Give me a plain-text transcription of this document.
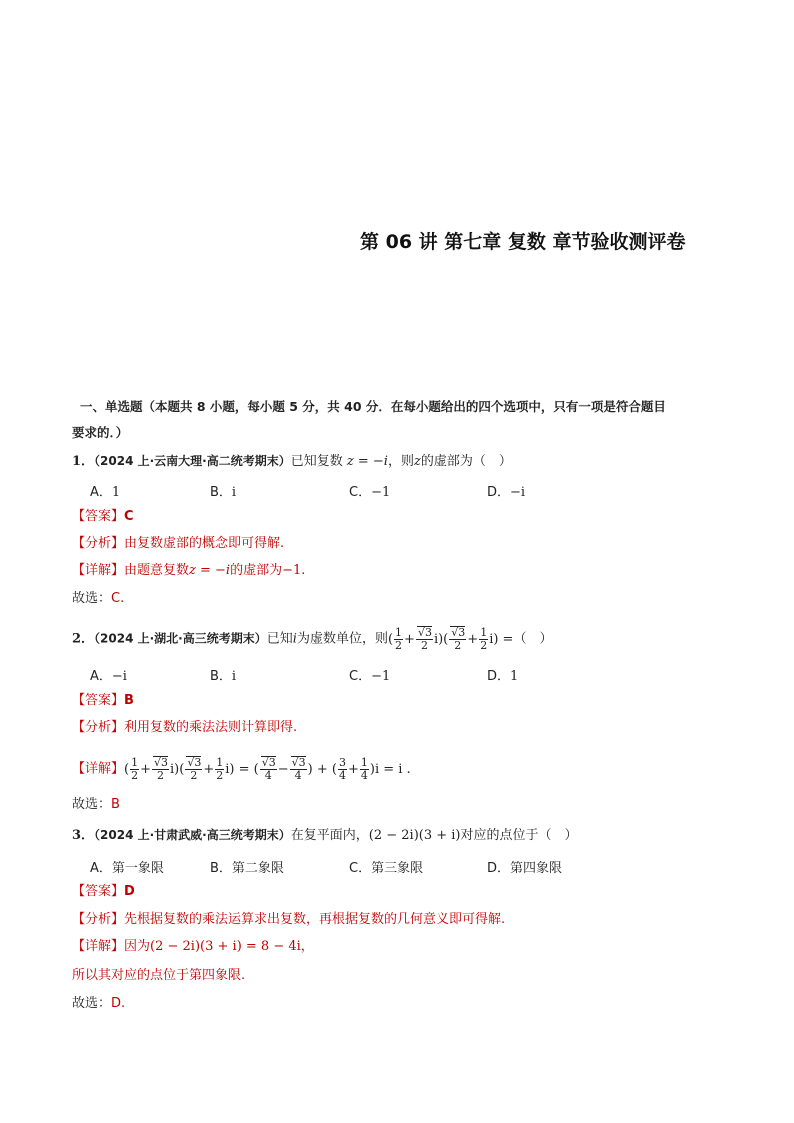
第 06 讲 第七章 复数 章节验收测评卷
一、单选题（本题共 8 小题，每小题 5 分，共 40 分．在每小题给出的四个选项中，只有一项是符合题目
要求的．）
1．（2024 上·云南大理·高二统考期末）已知复数 z = −i，则z的虚部为（　）
A．1	B．i	C．−1	D．−i
【答案】C
【分析】由复数虚部的概念即可得解.
【详解】由题意复数z = −i的虚部为−1.
故选：C.
2．（2024 上·湖北·高三统考期末）已知i为虚数单位，则( $\frac{1}{2} + \frac{√3}{2} i)( \frac{√3}{2} + \frac{1}{2} i)$ =（　）
A．−i	B．i	C．−1	D．1
【答案】B
【分析】利用复数的乘法法则计算即得.
【详解】( $\frac{1}{2} + \frac{√3}{2} i)( \frac{√3}{2} + \frac{1}{2} i)$ = ( $\frac{√3}{4} - \frac{√3}{4}$ ) + ( $\frac{3}{4} + \frac{1}{4} )i = i$ .
故选：B
3．（2024 上·甘肃武威·高三统考期末）在复平面内，(2 − 2i)(3 + i)对应的点位于（　）
A．第一象限	B．第二象限	C．第三象限	D．第四象限
【答案】D
【分析】先根据复数的乘法运算求出复数，再根据复数的几何意义即可得解.
【详解】因为(2 − 2i)(3 + i) = 8 − 4i，
所以其对应的点位于第四象限.
故选：D.
